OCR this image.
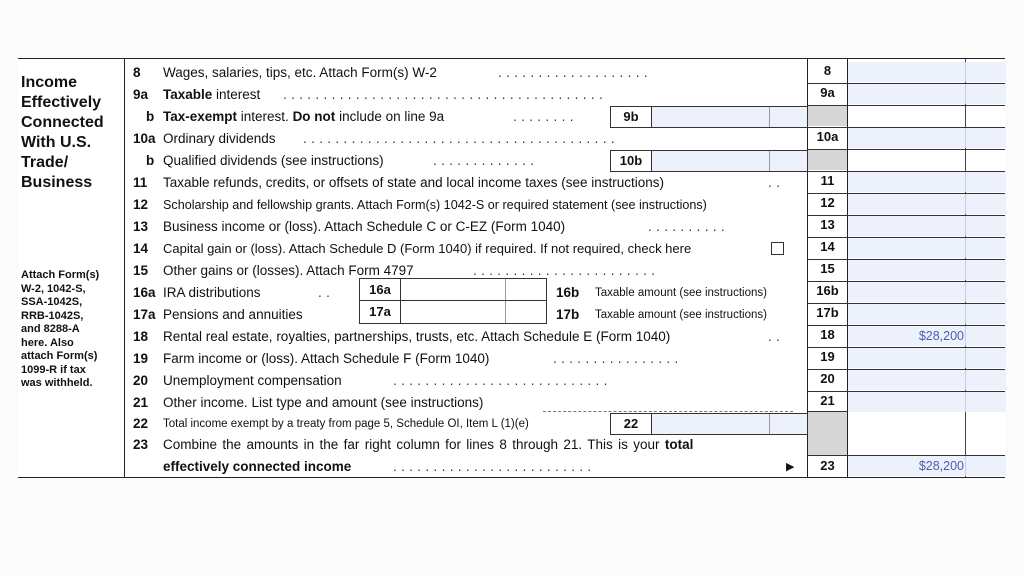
Income
Effectively
Connected
With U.S.
Trade/
Business
Attach Form(s)
W-2, 1042-S,
SSA-1042S,
RRB-1042S,
and 8288-A
here. Also
attach Form(s)
1099-R if tax
was withheld.
8 Wages, salaries, tips, etc. Attach Form(s) W-2	. . . . . . . . . . . . . . . . . . .	8
9a Taxable interest . . . . . . . . . . . . . . . . . . . . . . . . . . . . . . . . . . . . . . . .	9a
b Tax-exempt interest. Do not include on line 9a	. . . . . . . .	9b
10a Ordinary dividends . . . . . . . . . . . . . . . . . . . . . . . . . . . . . . . . . . . . . . .	10a
b Qualified dividends (see instructions)	. . . . . . . . . . . . .	10b
11 Taxable refunds, credits, or offsets of state and local income taxes (see instructions)	. .	11
12 Scholarship and fellowship grants. Attach Form(s) 1042-S or required statement (see instructions)	12
13 Business income or (loss). Attach Schedule C or C-EZ (Form 1040)	. . . . . . . . . .	13
14 Capital gain or (loss). Attach Schedule D (Form 1040) if required. If not required, check here	14
15 Other gains or (losses). Attach Form 4797	. . . . . . . . . . . . . . . . . . . . . . .	15
16a IRA distributions	. .	16b Taxable amount (see instructions)
16a	16b
17a Pensions and annuities	17b Taxable amount (see instructions)
17a	17b
18 Rental real estate, royalties, partnerships, trusts, etc. Attach Schedule E (Form 1040)	. .	18	$28,200
19 Farm income or (loss). Attach Schedule F (Form 1040)	. . . . . . . . . . . . . . . .	19
20 Unemployment compensation	. . . . . . . . . . . . . . . . . . . . . . . . . . .	20
21 Other income. List type and amount (see instructions)	21
22 Total income exempt by a treaty from page 5, Schedule OI, Item L (1)(e)	22
23 Combine the amounts in the far right column for lines 8 through 21. This is your total
effectively connected income	. . . . . . . . . . . . . . . . . . . . . . . . .	▶	23	$28,200
